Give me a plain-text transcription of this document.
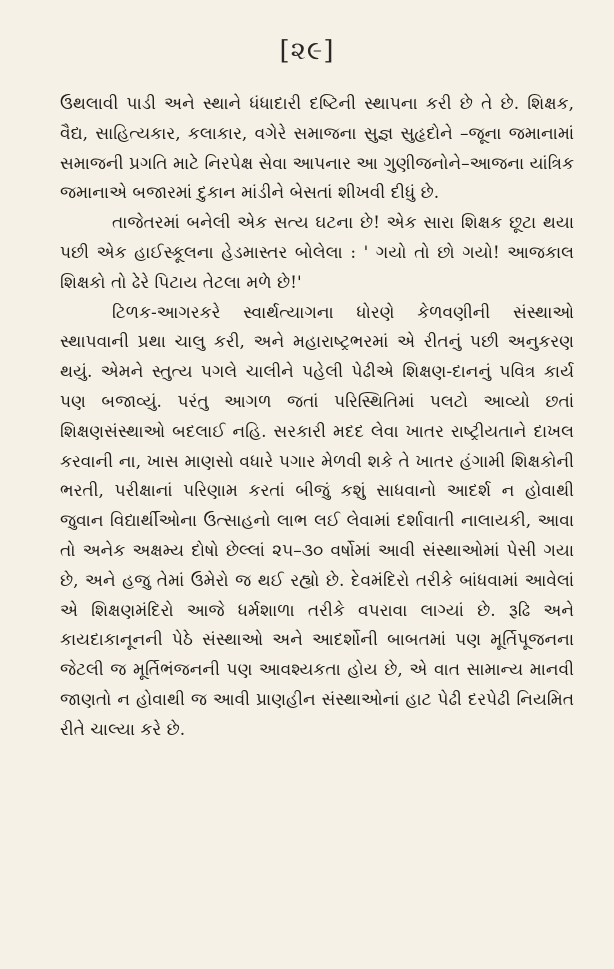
[૨૯]

ઉથલાવી પાડી અને સ્થાને ધંધાદારી દષ્ટિની સ્થાપના કરી છે તે છે. શિક્ષક, વૈદ્ય, સાહિત્યકાર, કલાકાર, વગેરે સમાજના સુજ્ઞ સુહૃદોને –જૂના જમાનામાં સમાજની પ્રગતિ માટે નિરપેક્ષ સેવા આપનાર આ ગુણીજનોને–આજના યાંત્રિક જમાનાએ બજારમાં દુકાન માંડીને બેસતાં શીખવી દીધું છે.

તાજેતરમાં બનેલી એક સત્ય ઘટના છે! એક સારા શિક્ષક છૂટા થયા પછી એક હાઈસ્કૂલના હેડમાસ્તર બોલેલા : ' ગયો તો છો ગયો! આજકાલ શિક્ષકો તો ઢેરે પિટાય તેટલા મળે છે!'

ટિળક-આગરકરે સ્વાર્થત્યાગના ધોરણે કેળવણીની સંસ્થાઓ સ્થાપવાની પ્રથા ચાલુ કરી, અને મહારાષ્ટ્રભરમાં એ રીતનું પછી અનુકરણ થયું. એમને સ્તુત્ય પગલે ચાલીને પહેલી પેઢીએ શિક્ષણ-દાનનું પવિત્ર કાર્ય પણ બજાવ્યું. પરંતુ આગળ જતાં પરિસ્થિતિમાં પલટો આવ્યો છતાં શિક્ષણસંસ્થાઓ બદલાઈ નહિ. સરકારી મદદ લેવા ખાતર રાષ્ટ્રીયતાને દાખલ કરવાની ના, ખાસ માણસો વધારે પગાર મેળવી શકે તે ખાતર હંગામી શિક્ષકોની ભરતી, પરીક્ષાનાં પરિણામ કરતાં બીજું કશું સાધવાનો આદર્શ ન હોવાથી જુવાન વિદ્યાર્થીઓના ઉત્સાહનો લાભ લઈ લેવામાં દર્શાવાતી નાલાયકી, આવા તો અનેક અક્ષમ્ય દોષો છેલ્લાં ૨૫–૩૦ વર્ષોમાં આવી સંસ્થાઓમાં પેસી ગયા છે, અને હજુ તેમાં ઉમેરો જ થઈ રહ્યો છે. દેવમંદિરો તરીકે બાંધવામાં આવેલાં એ શિક્ષણમંદિરો આજે ધર્મશાળા તરીકે વપરાવા લાગ્યાં છે. રૂઢિ અને કાયદાકાનૂનની પેઠે સંસ્થાઓ અને આદર્શોની બાબતમાં પણ મૂર્તિપૂજનના જેટલી જ મૂર્તિભંજનની પણ આવશ્યકતા હોય છે, એ વાત સામાન્ય માનવી જાણતો ન હોવાથી જ આવી પ્રાણહીન સંસ્થાઓનાં હાટ પેઢી દરપેઢી નિયમિત રીતે ચાલ્યા કરે છે.
